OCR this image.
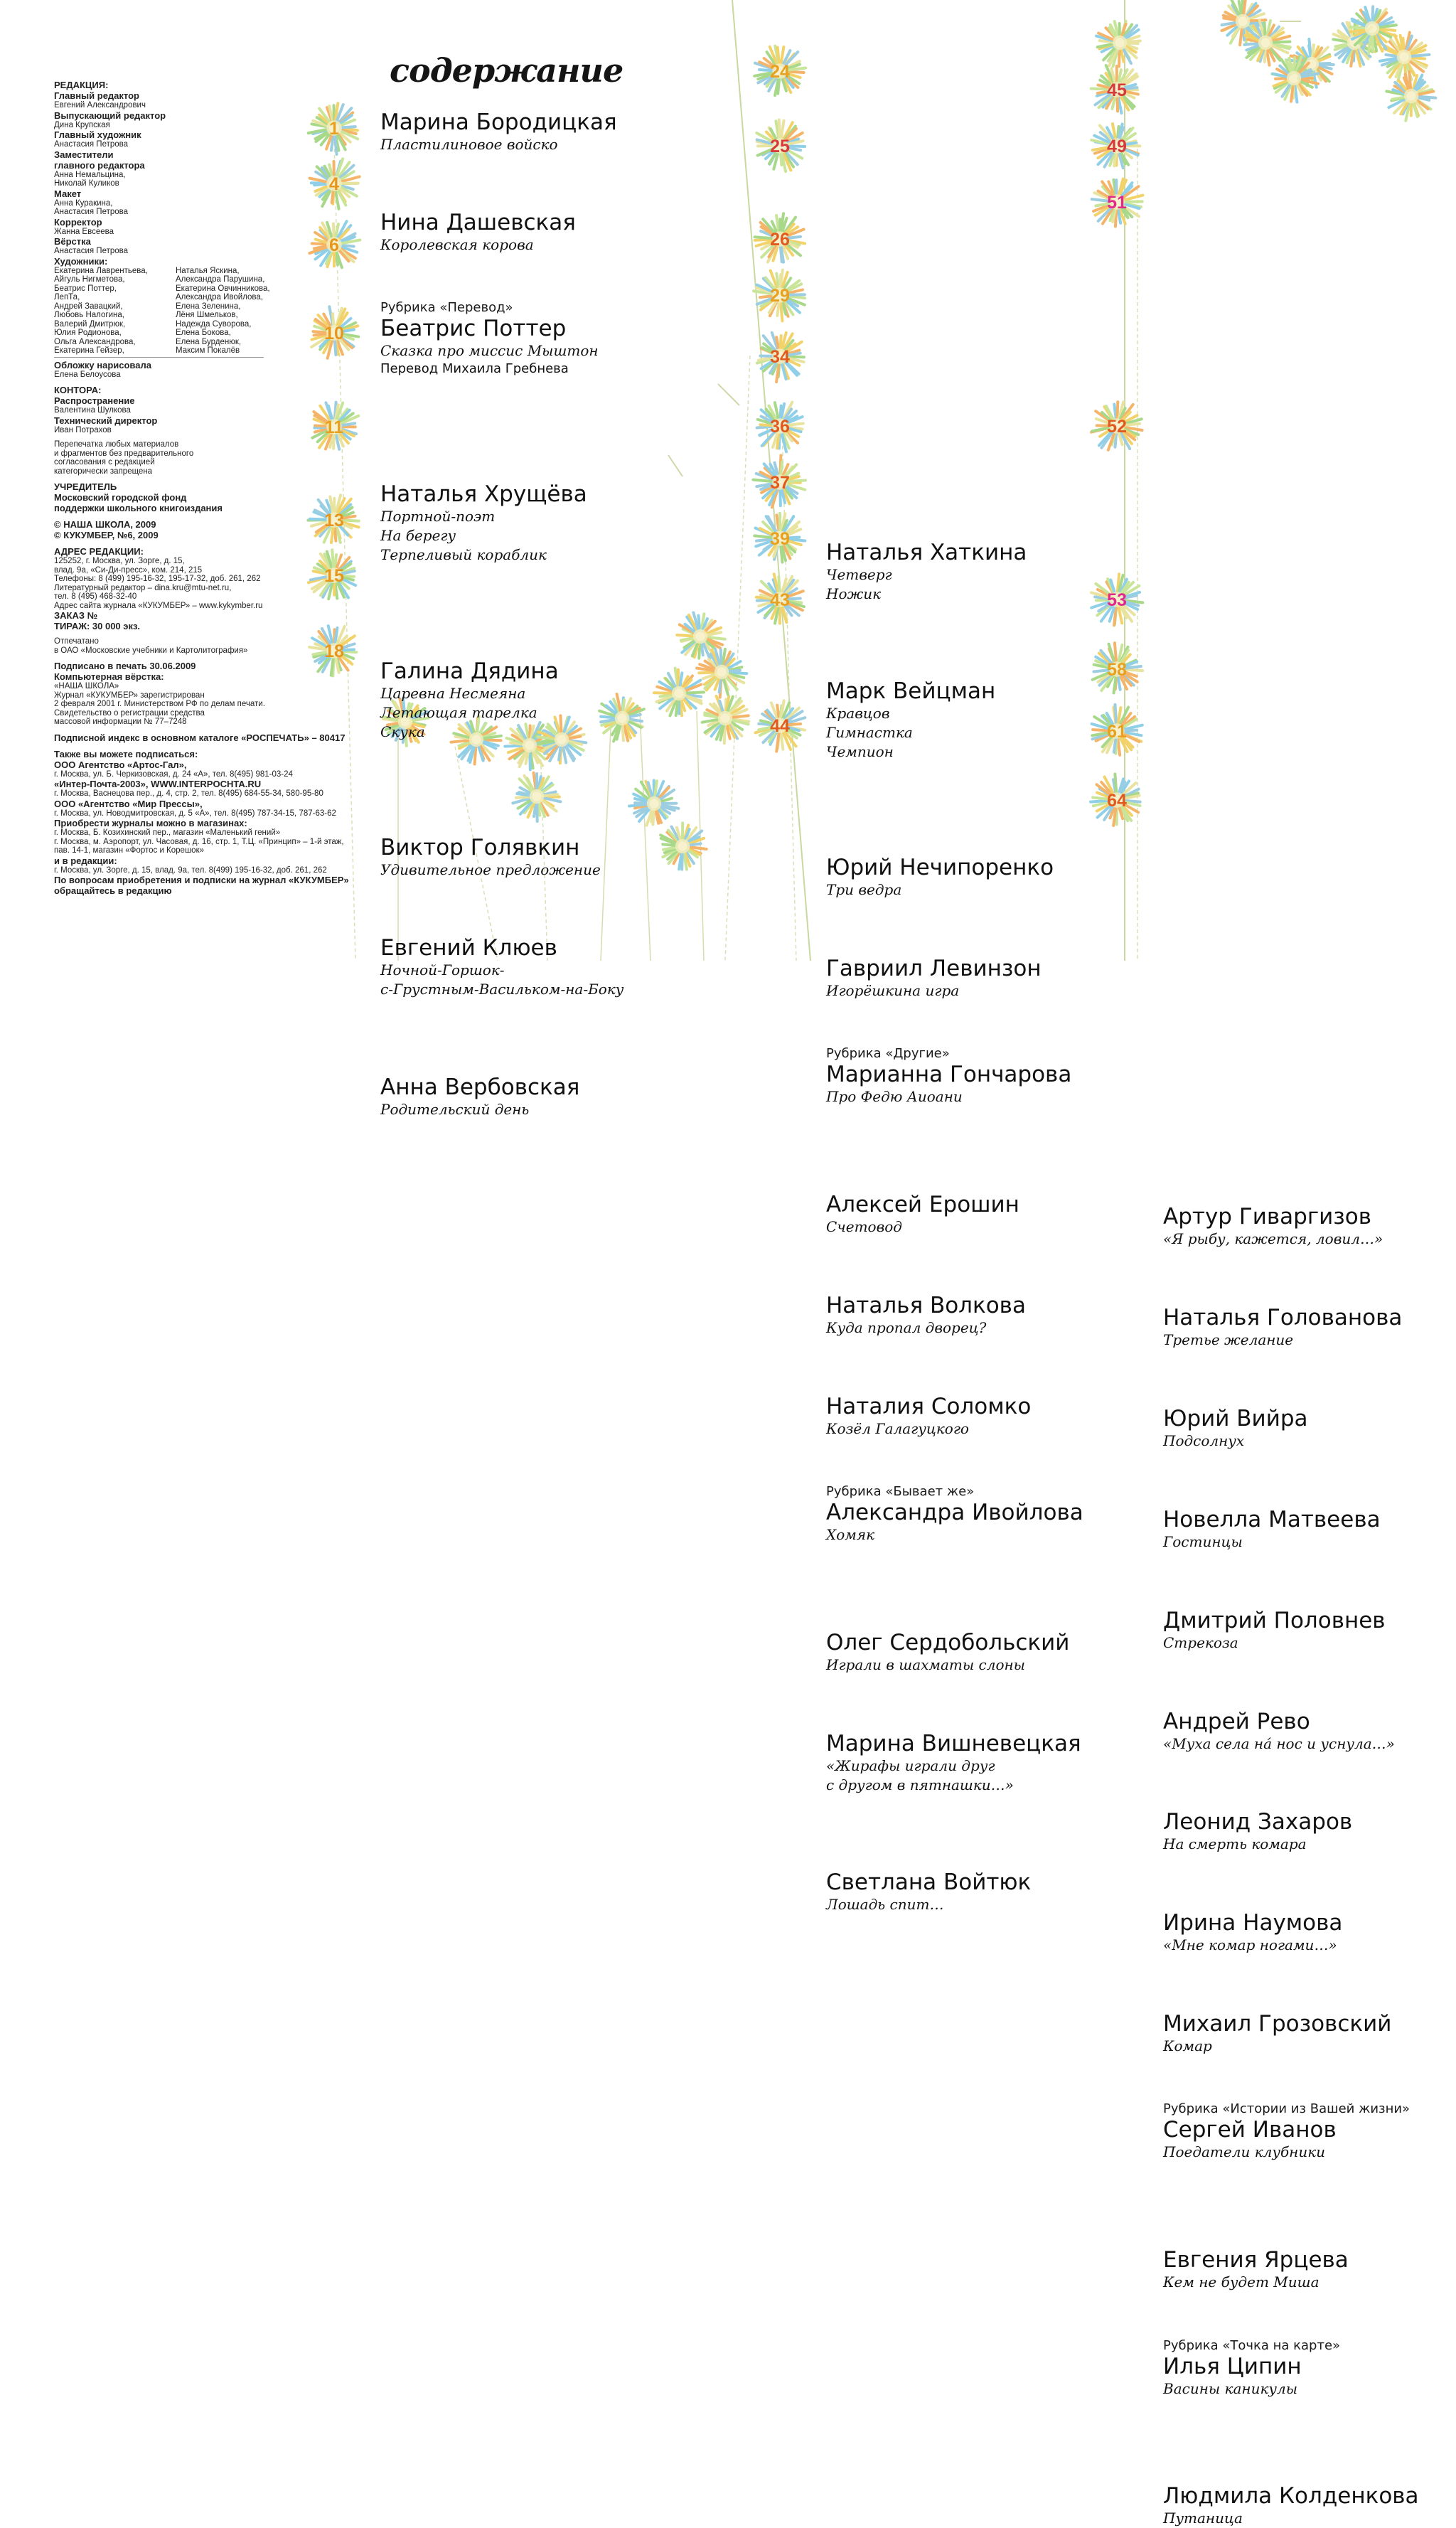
РЕДАКЦИЯ:
Главный редактор
Евгений Александрович
Выпускающий редактор
Дина Крупская
Главный художник
Анастасия Петрова
Заместители
главного редактора
Анна Немальцина,
Николай Куликов
Макет
Анна Куракина,
Анастасия Петрова
Корректор
Жанна Евсеева
Вёрстка
Анастасия Петрова
Художники:
Екатерина Лаврентьева,
Айгуль Нигметова,
Беатрис Поттер,
ЛепТа,
Андрей Завацкий,
Любовь Налогина,
Валерий Дмитрюк,
Юлия Родионова,
Ольга Александрова,
Екатерина Гейзер,
Наталья Яскина,
Александра Парушина,
Екатерина Овчинникова,
Александра Ивойлова,
Елена Зеленина,
Лёня Шмельков,
Надежда Суворова,
Елена Бокова,
Елена Бурденюк,
Максим Покалёв
Обложку нарисовала
Елена Белоусова
КОНТОРА:
Распространение
Валентина Шулкова
Технический директор
Иван Потрахов
Перепечатка любых материалов
и фрагментов без предварительного
согласования с редакцией
категорически запрещена
УЧРЕДИТЕЛЬ
Московский городской фонд
поддержки школьного книгоиздания
© НАША ШКОЛА, 2009
© КУКУМБЕР, №6, 2009
АДРЕС РЕДАКЦИИ:
125252, г. Москва, ул. Зорге, д. 15,
влад. 9а, «Си-Ди-пресс», ком. 214, 215
Телефоны: 8 (499) 195-16-32, 195-17-32, доб. 261, 262
Литературный редактор – dina.kru@mtu-net.ru,
тел. 8 (495) 468-32-40
Адрес сайта журнала «КУКУМБЕР» – www.kykymber.ru
ЗАКАЗ №
ТИРАЖ: 30 000 экз.
Отпечатано
в ОАО «Московские учебники и Картолитография»
Подписано в печать 30.06.2009
Компьютерная вёрстка:
«НАША ШКОЛА»
Журнал «КУКУМБЕР» зарегистрирован
2 февраля 2001 г. Министерством РФ по делам печати.
Свидетельство о регистрации средства
массовой информации № 77–7248
Подписной индекс в основном каталоге «РОСПЕЧАТЬ» – 80417
Также вы можете подписаться:
ООО Агентство «Артос-Гал»,
г. Москва, ул. Б. Черкизовская, д. 24 «А», тел. 8(495) 981-03-24
«Интер-Почта-2003», WWW.INTERPOCHTA.RU
г. Москва, Васнецова пер., д. 4, стр. 2, тел. 8(495) 684-55-34, 580-95-80
ООО «Агентство «Мир Прессы»,
г. Москва, ул. Новодмитровская, д. 5 «А», тел. 8(495) 787-34-15, 787-63-62
Приобрести журналы можно в магазинах:
г. Москва, Б. Козихинский пер., магазин «Маленький гений»
г. Москва, м. Аэропорт, ул. Часовая, д. 16, стр. 1, Т.Ц. «Принцип» – 1-й этаж,
пав. 14-1, магазин «Фортос и Корешок»
и в редакции:
г. Москва, ул. Зорге, д. 15, влад. 9а, тел. 8(499) 195-16-32, доб. 261, 262
По вопросам приобретения и подписки на журнал «КУКУМБЕР»
обращайтесь в редакцию
содержание
Марина Бородицкая
Пластилиновое войско
1
Нина Дашевская
Королевская корова
4
Рубрика «Перевод»
Беатрис Поттер
Сказка про миссис Мыштон
Перевод Михаила Гребнева
6
Наталья Хрущёва
Портной-поэт
На берегу
Терпеливый кораблик
10
Галина Дядина
Царевна Несмеяна
Летающая тарелка
Скука
11
Виктор Голявкин
Удивительное предложение
13
Евгений Клюев
Ночной-Горшок-
с-Грустным-Васильком-на-Боку
15
Анна Вербовская
Родительский день
18
Наталья Хаткина
Четверг
Ножик
24
Марк Вейцман
Кравцов
Гимнастка
Чемпион
25
Юрий Нечипоренко
Три ведра
26
Гавриил Левинзон
Игорёшкина игра
29
Рубрика «Другие»
Марианна Гончарова
Про Федю Аиоани
34
Алексей Ерошин
Счетовод
36
Наталья Волкова
Куда пропал дворец?
37
Наталия Соломко
Козёл Галагуцкого
39
Рубрика «Бывает же»
Александра Ивойлова
Хомяк
43
Олег Сердобольский
Играли в шахматы слоны
Марина Вишневецкая
«Жирафы играли друг
с другом в пятнашки…»
44
Светлана Войтюк
Лошадь спит…
Артур Гиваргизов
«Я рыбу, кажется, ловил…»
45
Наталья Голованова
Третье желание
49
Юрий Вийра
Подсолнух
51
Новелла Матвеева
Гостинцы
Дмитрий Половнев
Стрекоза
Андрей Рево
«Муха села на́ нос и уснула…»
Леонид Захаров
На смерть комара
52
Ирина Наумова
«Мне комар ногами…»
Михаил Грозовский
Комар
Рубрика «Истории из Вашей жизни»
Сергей Иванов
Поедатели клубники
53
Евгения Ярцева
Кем не будет Миша
58
Рубрика «Точка на карте»
Илья Ципин
Васины каникулы
61
Людмила Колденкова
Путаница
64
